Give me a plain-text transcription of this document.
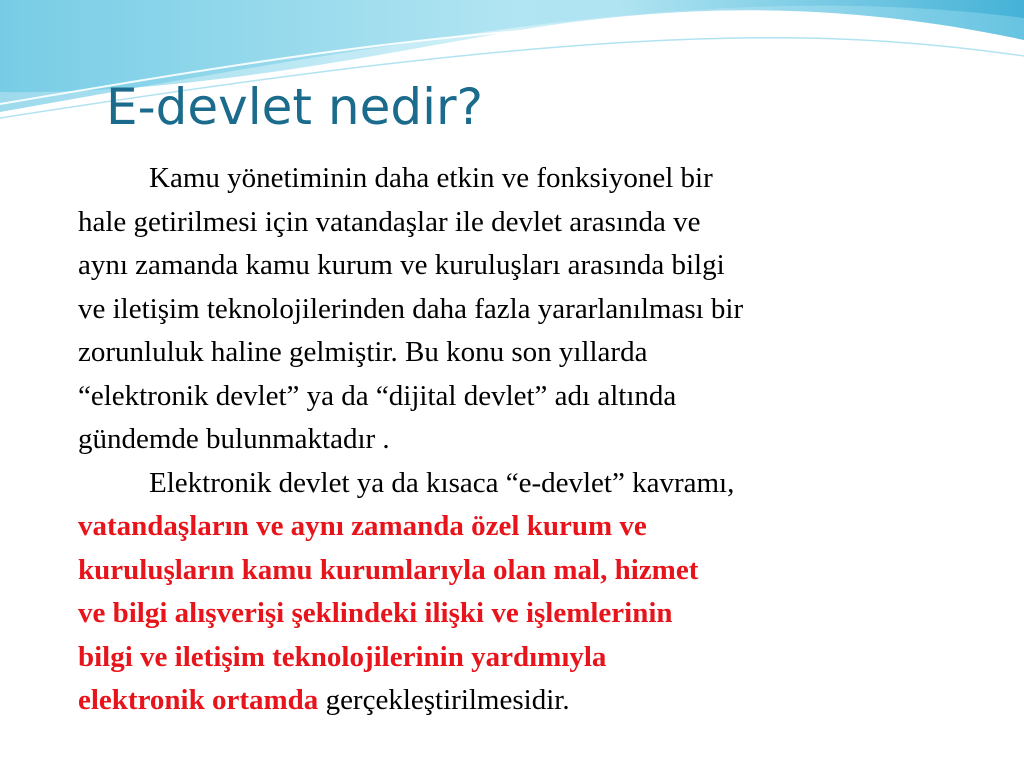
E-devlet nedir?

Kamu yönetiminin daha etkin ve fonksiyonel bir
hale getirilmesi için vatandaşlar ile devlet arasında ve
aynı zamanda kamu kurum ve kuruluşları arasında bilgi
ve iletişim teknolojilerinden daha fazla yararlanılması bir
zorunluluk haline gelmiştir. Bu konu son yıllarda
“elektronik devlet” ya da “dijital devlet” adı altında
gündemde bulunmaktadır .

Elektronik devlet ya da kısaca “e-devlet” kavramı,
vatandaşların ve aynı zamanda özel kurum ve
kuruluşların kamu kurumlarıyla olan mal, hizmet
ve bilgi alışverişi şeklindeki ilişki ve işlemlerinin
bilgi ve iletişim teknolojilerinin yardımıyla
elektronik ortamda gerçekleştirilmesidir.
